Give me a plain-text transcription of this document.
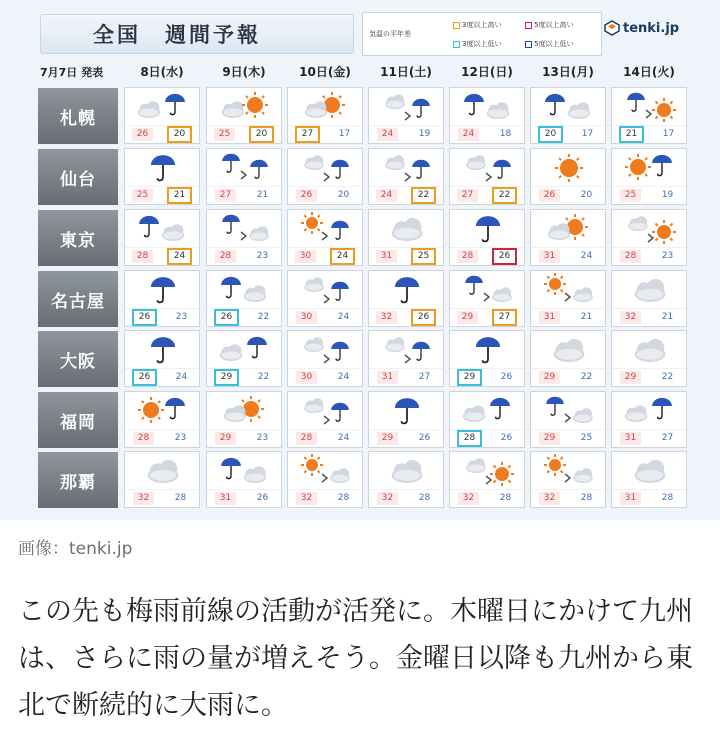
全国　週間予報	気温の平年差
3度以上高い	5度以上高い
3度以上低い	5度以上低い
tenki.jp
7月7日 発表	8日(水)	9日(木)	10日(金)	11日(土)	12日(日)	13日(月)	14日(火)
札幌
26	20	25	20	27	17	24	19	24	18	20	17	21	17
仙台
25	21	27	21	26	20	24	22	27	22	26	20	25	19
東京
28	24	28	23	30	24	31	25	28	26	31	24	28	23
名古屋
26	23	26	22	30	24	32	26	29	27	31	21	32	21
大阪
26	24	29	22	30	24	31	27	29	26	29	22	29	22
福岡
28	23	29	23	28	24	29	26	28	26	29	25	31	27
那覇
32	28	31	26	32	28	32	28	32	28	32	28	31	28
画像：tenki.jp
この先も梅雨前線の活動が活発に。木曜日にかけて九州は、さらに雨の量が増えそう。金曜日以降も九州から東北で断続的に大雨に。
